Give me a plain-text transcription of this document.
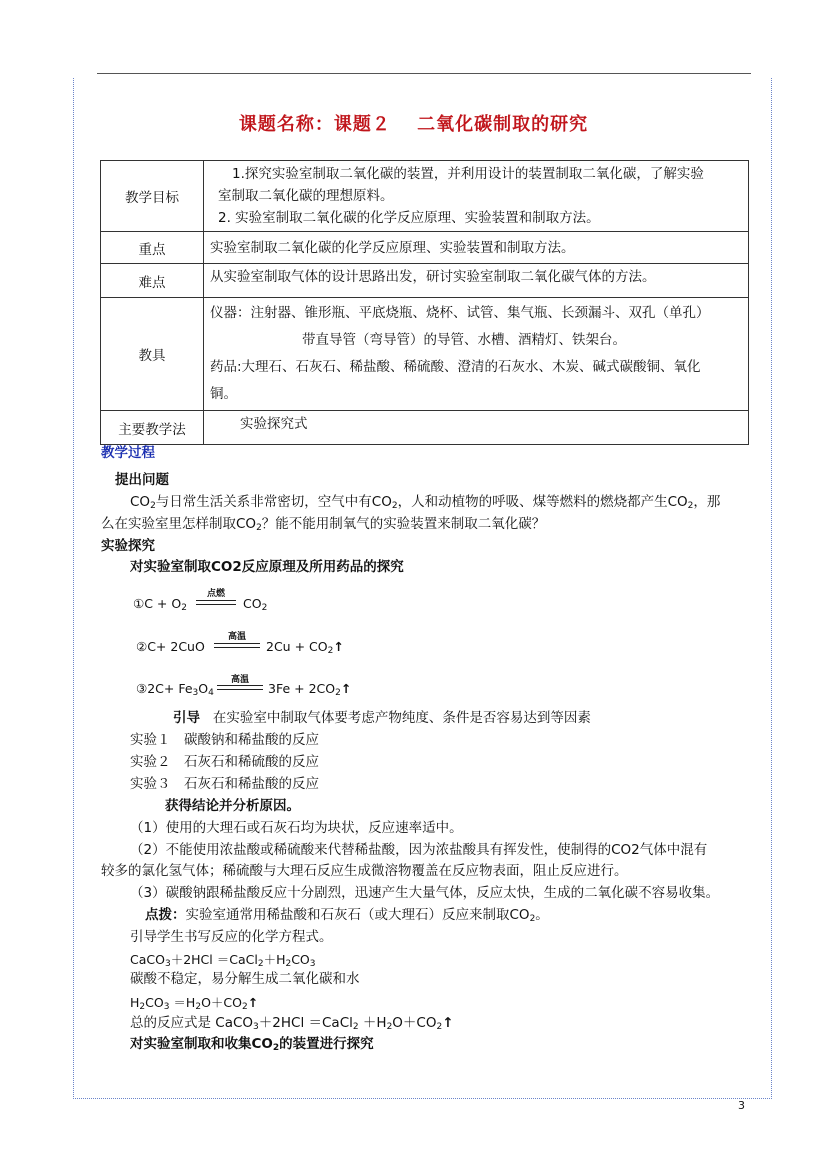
课题名称：课题２　 二氧化碳制取的研究
教学目标	1.探究实验室制取二氧化碳的装置，并利用设计的装置制取二氧化碳，了解实验
室制取二氧化碳的理想原料。
2. 实验室制取二氧化碳的化学反应原理、实验装置和制取方法。

重点	实验室制取二氧化碳的化学反应原理、实验装置和制取方法。
难点	从实验室制取气体的设计思路出发，研讨实验室制取二氧化碳气体的方法。
教具	仪器：注射器、锥形瓶、平底烧瓶、烧杯、试管、集气瓶、长颈漏斗、双孔（单孔）
带直导管（弯导管）的导管、水槽、酒精灯、铁架台。
药品:大理石、石灰石、稀盐酸、稀硫酸、澄清的石灰水、木炭、碱式碳酸铜、氧化
铜。

主要教学法	实验探究式
教学过程
提出问题
$CO_2$与日常生活关系非常密切，空气中有$CO_2$，人和动植物的呼吸、煤等燃料的燃烧都产生$CO_2$，那
么在实验室里怎样制取$CO_2$？能不能用制氧气的实验装置来制取二氧化碳？
实验探究
对实验室制取CO2反应原理及所用药品的探究
①C + $O_2$
点燃
$CO_2$
②C+ 2CuO
高温
$2Cu + CO_2↑$
③2C+ $Fe_3O_4$
高温
$3Fe + 2CO_2↑$
引导 在实验室中制取气体要考虑产物纯度、条件是否容易达到等因素
实验１　碳酸钠和稀盐酸的反应
实验２　石灰石和稀硫酸的反应
实验３　石灰石和稀盐酸的反应
获得结论并分析原因。
（1）使用的大理石或石灰石均为块状，反应速率适中。
（2）不能使用浓盐酸或稀硫酸来代替稀盐酸，因为浓盐酸具有挥发性，使制得的CO2气体中混有
较多的氯化氢气体；稀硫酸与大理石反应生成微溶物覆盖在反应物表面，阻止反应进行。
（3）碳酸钠跟稀盐酸反应十分剧烈，迅速产生大量气体，反应太快，生成的二氧化碳不容易收集。
点拨：实验室通常用稀盐酸和石灰石（或大理石）反应来制取$CO_2$。
引导学生书写反应的化学方程式。
CaCO$_3$＋2HCl $=CaCl_2+H_2CO_3$
碳酸不稳定，易分解生成二氧化碳和水
$H_2CO_3$ $=H_2O+CO_2↑$
总的反应式是 CaCO$_3$＋2HCl ＝CaCl$_2$ $+H_2O+CO_2↑$
对实验室制取和收集$CO_2$的装置进行探究
3
